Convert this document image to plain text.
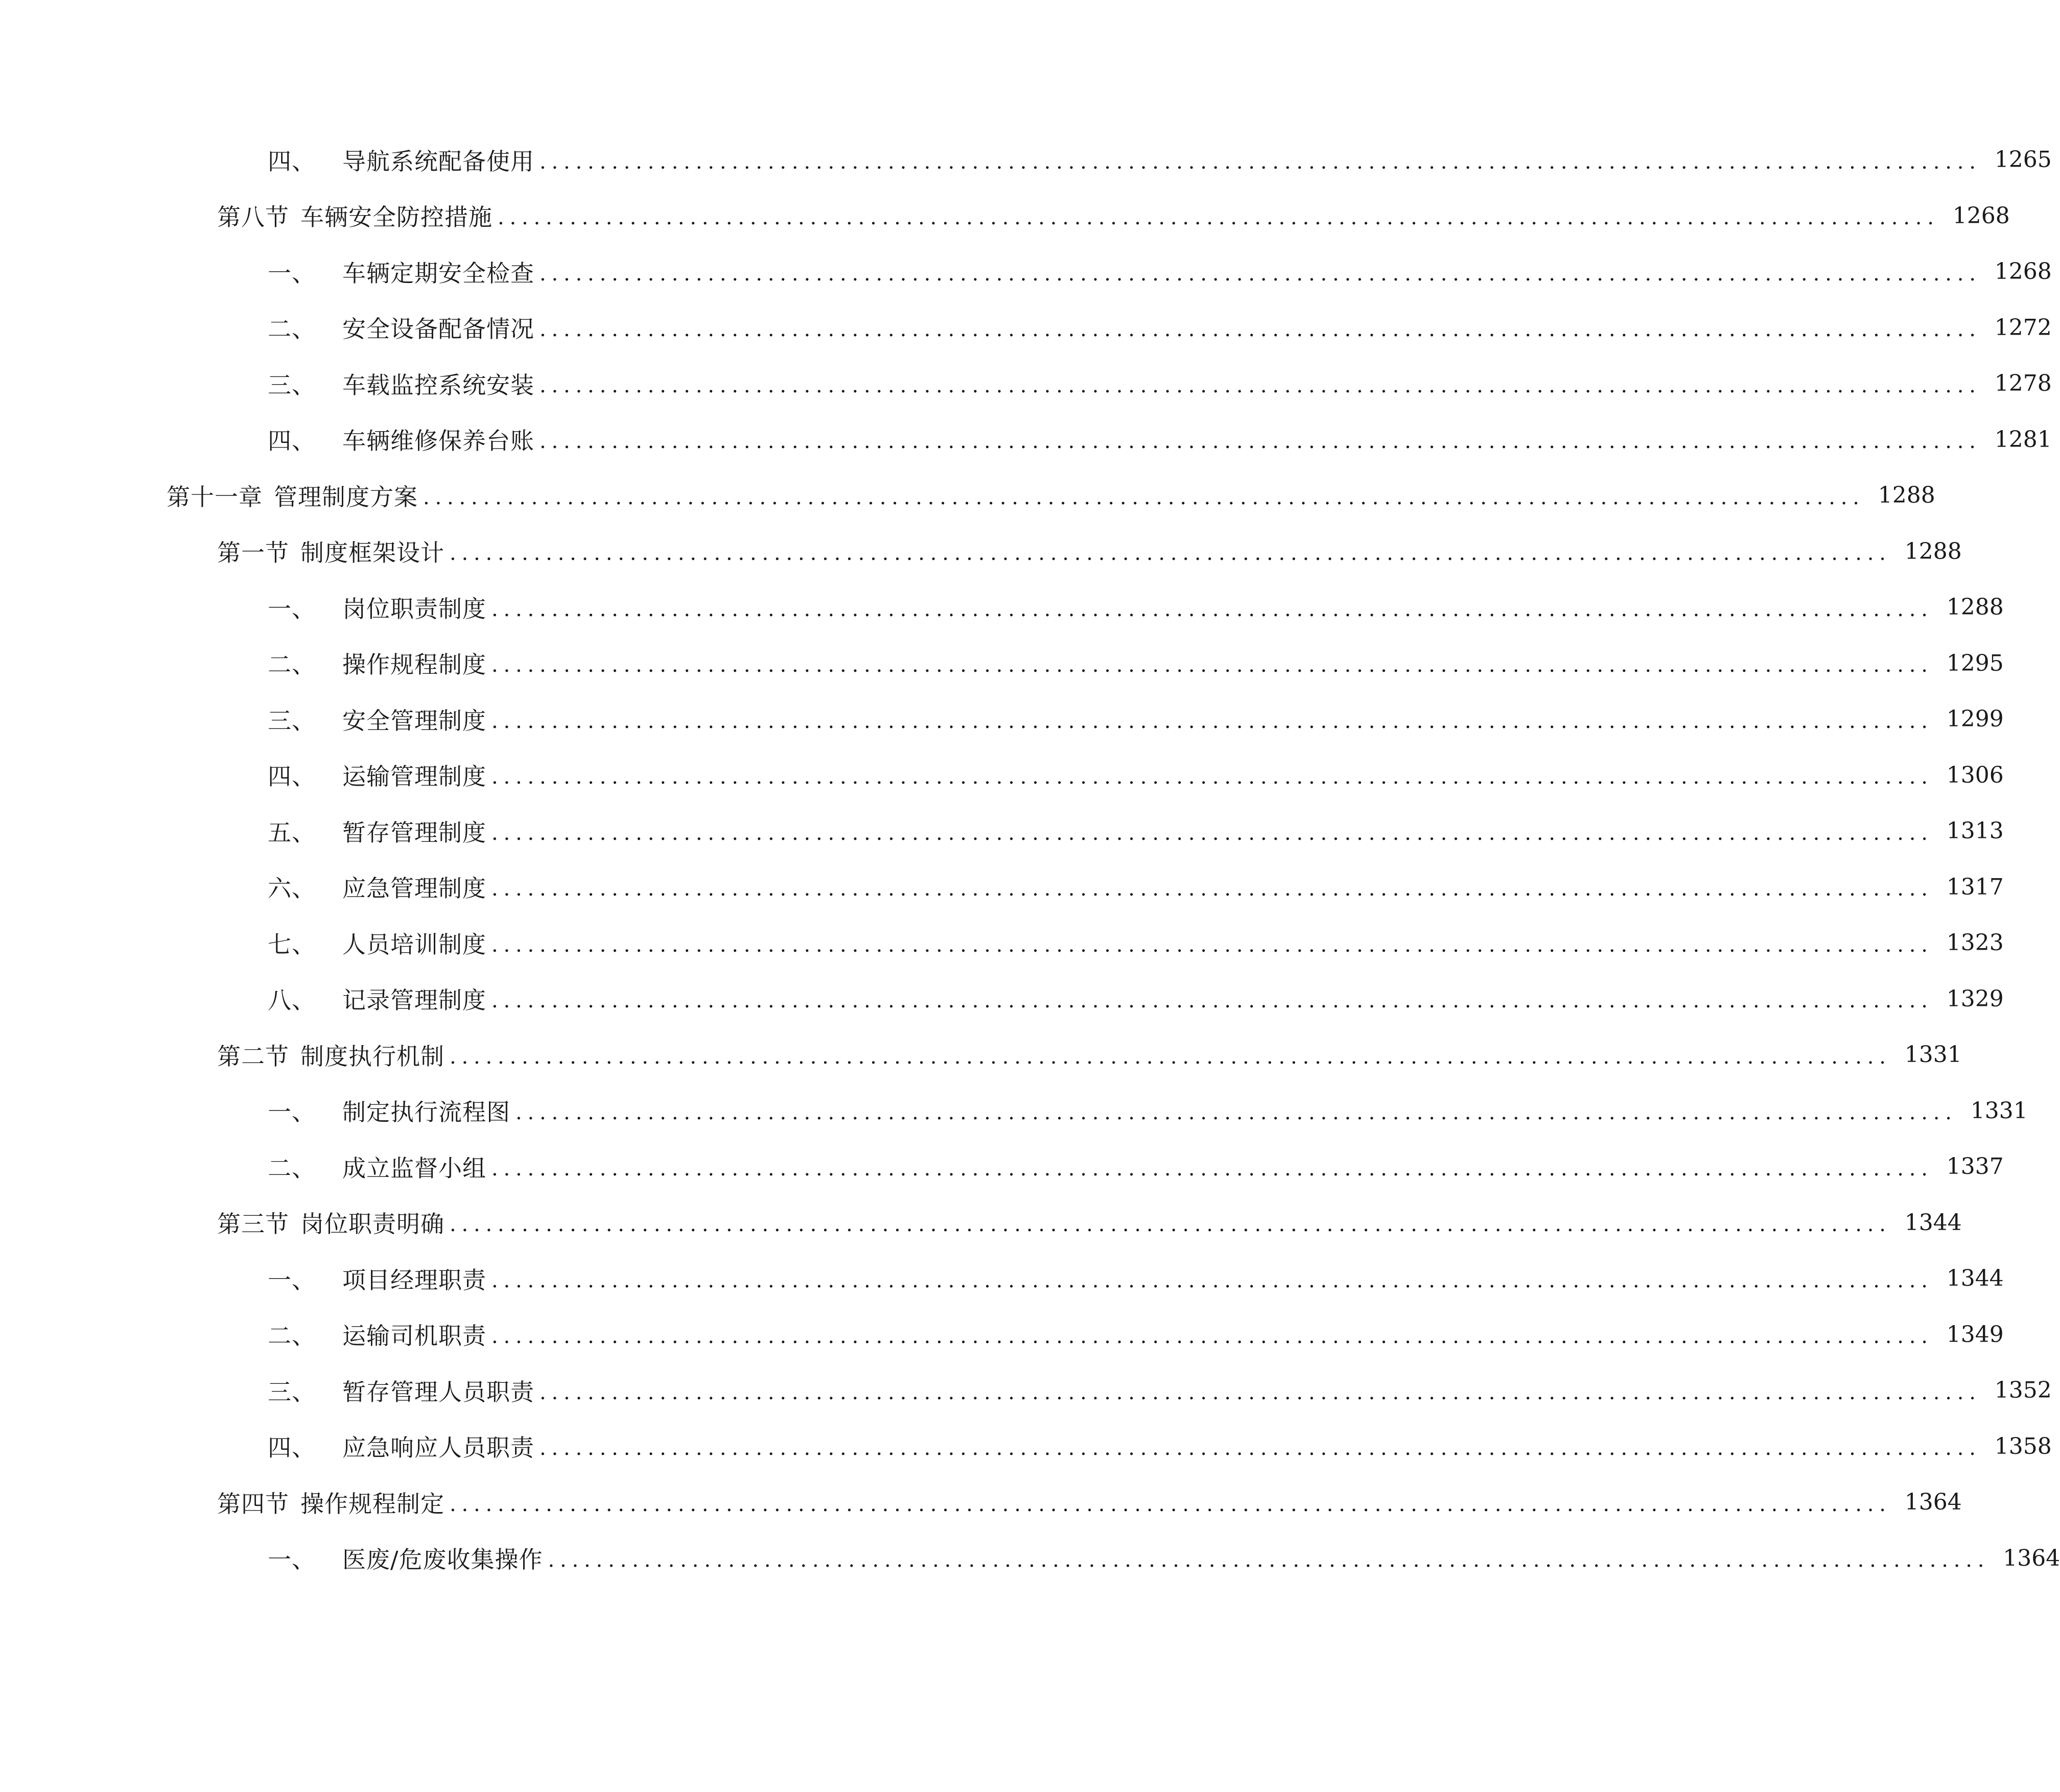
四、 导航系统配备使用 ........................................................................................................................ 1265
第八节 车辆安全防控措施 ........................................................................................................................ 1268
一、 车辆定期安全检查 ........................................................................................................................ 1268
二、 安全设备配备情况 ........................................................................................................................ 1272
三、 车载监控系统安装 ........................................................................................................................ 1278
四、 车辆维修保养台账 ........................................................................................................................ 1281
第十一章 管理制度方案 ........................................................................................................................ 1288
第一节 制度框架设计 ........................................................................................................................ 1288
一、 岗位职责制度 ........................................................................................................................ 1288
二、 操作规程制度 ........................................................................................................................ 1295
三、 安全管理制度 ........................................................................................................................ 1299
四、 运输管理制度 ........................................................................................................................ 1306
五、 暂存管理制度 ........................................................................................................................ 1313
六、 应急管理制度 ........................................................................................................................ 1317
七、 人员培训制度 ........................................................................................................................ 1323
八、 记录管理制度 ........................................................................................................................ 1329
第二节 制度执行机制 ........................................................................................................................ 1331
一、 制定执行流程图 ........................................................................................................................ 1331
二、 成立监督小组 ........................................................................................................................ 1337
第三节 岗位职责明确 ........................................................................................................................ 1344
一、 项目经理职责 ........................................................................................................................ 1344
二、 运输司机职责 ........................................................................................................................ 1349
三、 暂存管理人员职责 ........................................................................................................................ 1352
四、 应急响应人员职责 ........................................................................................................................ 1358
第四节 操作规程制定 ........................................................................................................................ 1364
一、 医废/危废收集操作 ........................................................................................................................ 1364
